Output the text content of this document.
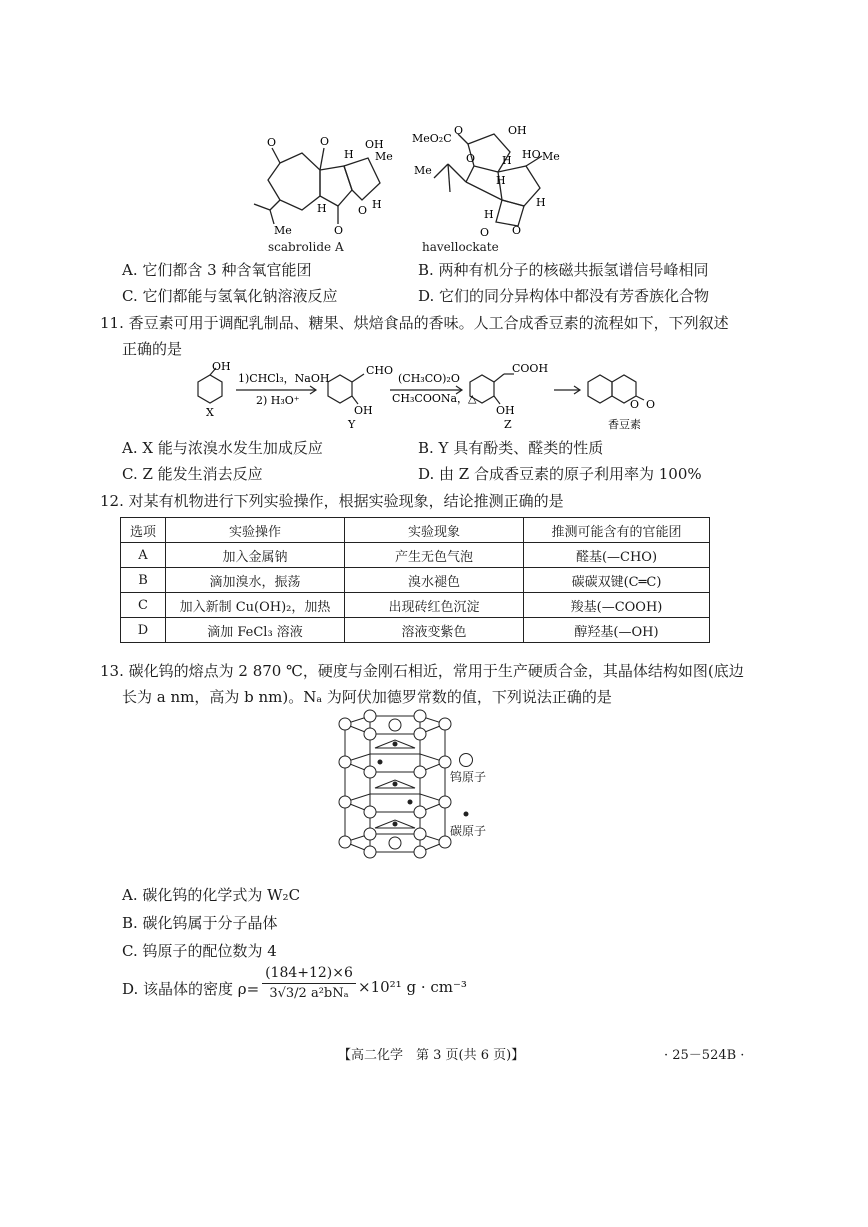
O	O
H
OH
Me
H	O H
O
Me
scabrolide A
MeO₂C
O	OH
O H HO Me
Me
H
H
H
O
O
havellockate
A. 它们都含 3 种含氧官能团	B. 两种有机分子的核磁共振氢谱信号峰相同
C. 它们都能与氢氧化钠溶液反应	D. 它们的同分异构体中都没有芳香族化合物
11. 香豆素可用于调配乳制品、糖果、烘焙食品的香味。人工合成香豆素的流程如下，下列叙述
正确的是
OH
X
1)CHCl₃，NaOH
2) H₃O⁺
CHO
OH
Y
(CH₃CO)₂O
CH₃COONa，△
COOH
OH
Z
O O
香豆素
A. X 能与浓溴水发生加成反应	B. Y 具有酚类、醛类的性质
C. Z 能发生消去反应	D. 由 Z 合成香豆素的原子利用率为 100%
12. 对某有机物进行下列实验操作，根据实验现象，结论推测正确的是
选项	实验操作	实验现象	推测可能含有的官能团
A	加入金属钠	产生无色气泡	醛基(—CHO)
B	滴加溴水，振荡	溴水褪色	碳碳双键(C═C)
C	加入新制 Cu(OH)₂，加热	出现砖红色沉淀	羧基(—COOH)
D	滴加 FeCl₃ 溶液	溶液变紫色	醇羟基(—OH)
13. 碳化钨的熔点为 2 870 ℃，硬度与金刚石相近，常用于生产硬质合金，其晶体结构如图(底边
长为 a nm，高为 b nm)。Nₐ 为阿伏加德罗常数的值，下列说法正确的是
钨原子
碳原子
A. 碳化钨的化学式为 W₂C
B. 碳化钨属于分子晶体
C. 钨原子的配位数为 4
D. 该晶体的密度 ρ=
(184+12)×6
3√3/2 a²bNₐ ×10²¹ g · cm⁻³
【高二化学　第 3 页(共 6 页)】	· 25－524B ·
